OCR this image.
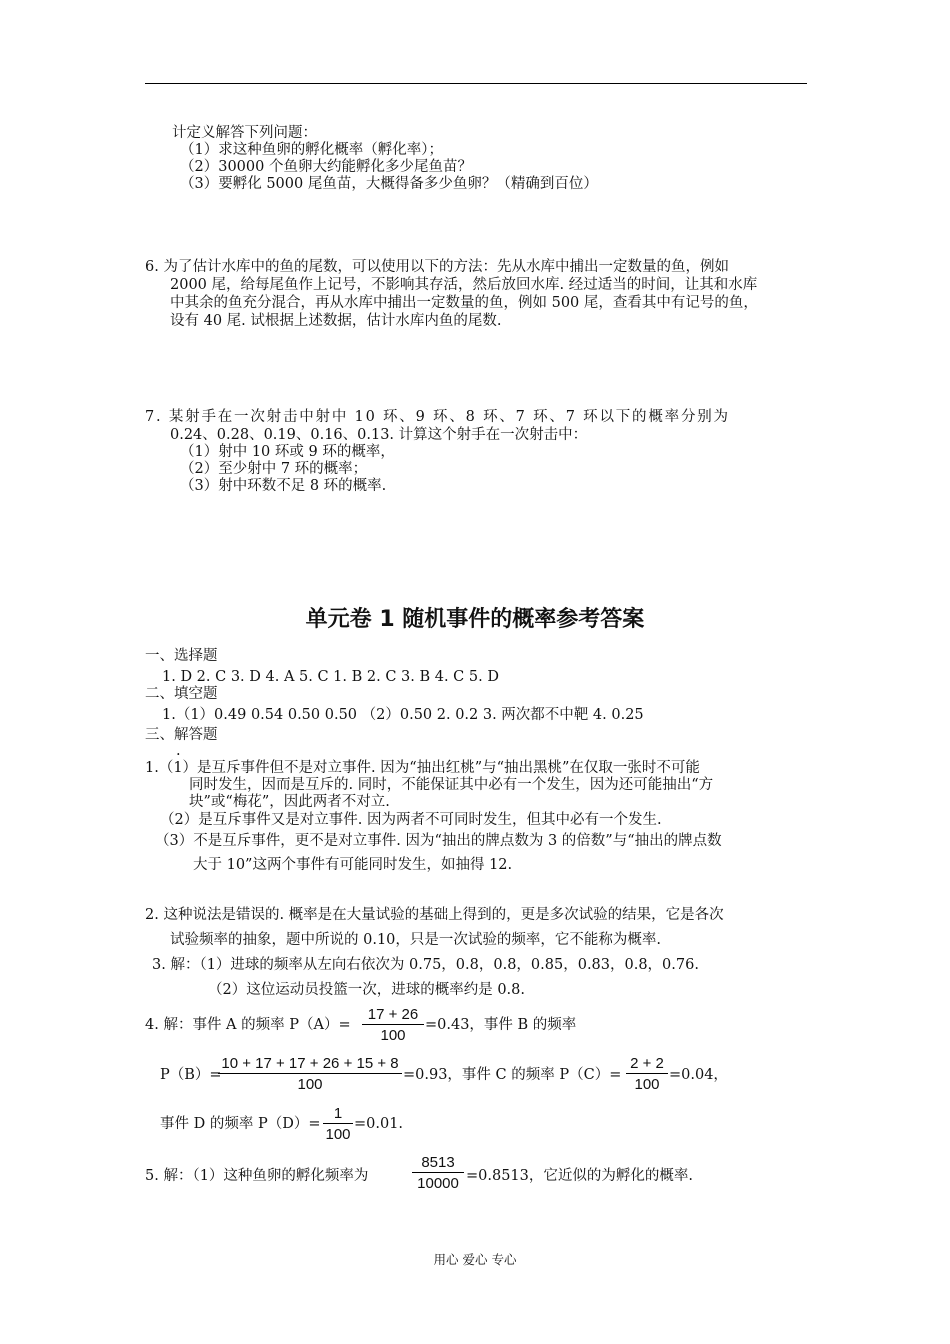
计定义解答下列问题：
（1）求这种鱼卵的孵化概率（孵化率）；
（2）30000 个鱼卵大约能孵化多少尾鱼苗？
（3）要孵化 5000 尾鱼苗，大概得备多少鱼卵？（精确到百位）
6. 为了估计水库中的鱼的尾数，可以使用以下的方法：先从水库中捕出一定数量的鱼，例如
2000 尾，给每尾鱼作上记号，不影响其存活，然后放回水库. 经过适当的时间，让其和水库
中其余的鱼充分混合，再从水库中捕出一定数量的鱼，例如 500 尾，查看其中有记号的鱼，
设有 40 尾. 试根据上述数据，估计水库内鱼的尾数.
7. 某射手在一次射击中射中 10 环、9 环、8 环、7 环、7 环以下的概率分别为
0.24、0.28、0.19、0.16、0.13. 计算这个射手在一次射击中：
（1）射中 10 环或 9 环的概率，
（2）至少射中 7 环的概率；
（3）射中环数不足 8 环的概率.
单元卷 1 随机事件的概率参考答案
一、选择题
1. D 2. C 3. D 4. A 5. C 1. B 2. C 3. B 4. C 5. D
二、填空题
1.（1）0.49 0.54 0.50 0.50 （2）0.50 2. 0.2 3. 两次都不中靶 4. 0.25
三、解答题
.
1.（1）是互斥事件但不是对立事件. 因为“抽出红桃”与“抽出黑桃”在仅取一张时不可能
同时发生，因而是互斥的. 同时，不能保证其中必有一个发生，因为还可能抽出“方
块”或“梅花”，因此两者不对立.
（2）是互斥事件又是对立事件. 因为两者不可同时发生，但其中必有一个发生.
（3）不是互斥事件，更不是对立事件. 因为“抽出的牌点数为 3 的倍数”与“抽出的牌点数
大于 10”这两个事件有可能同时发生，如抽得 12.
2. 这种说法是错误的. 概率是在大量试验的基础上得到的，更是多次试验的结果，它是各次
试验频率的抽象，题中所说的 0.10，只是一次试验的频率，它不能称为概率.
3. 解：（1）进球的频率从左向右依次为 0.75，0.8，0.8，0.85，0.83，0.8，0.76.
（2）这位运动员投篮一次，进球的概率约是 0.8.
4. 解：事件 A 的频率 $P(A)= \frac{17 + 26}{100} =0.43$，事件 B 的频率
P（B）=
$\frac{10 + 17 + 17 + 26 + 15 + 8}{100} =0.93$，事件 C 的频率 $P(C)= \frac{2 + 2}{100} =0.04$，
事件 D 的频率 $P(D)= \frac{1}{100} =0.01$.
5. 解：（1）这种鱼卵的孵化频率为	$\frac{8513}{10000} =0.8513$，它近似的为孵化的概率.
用心 爱心 专心
